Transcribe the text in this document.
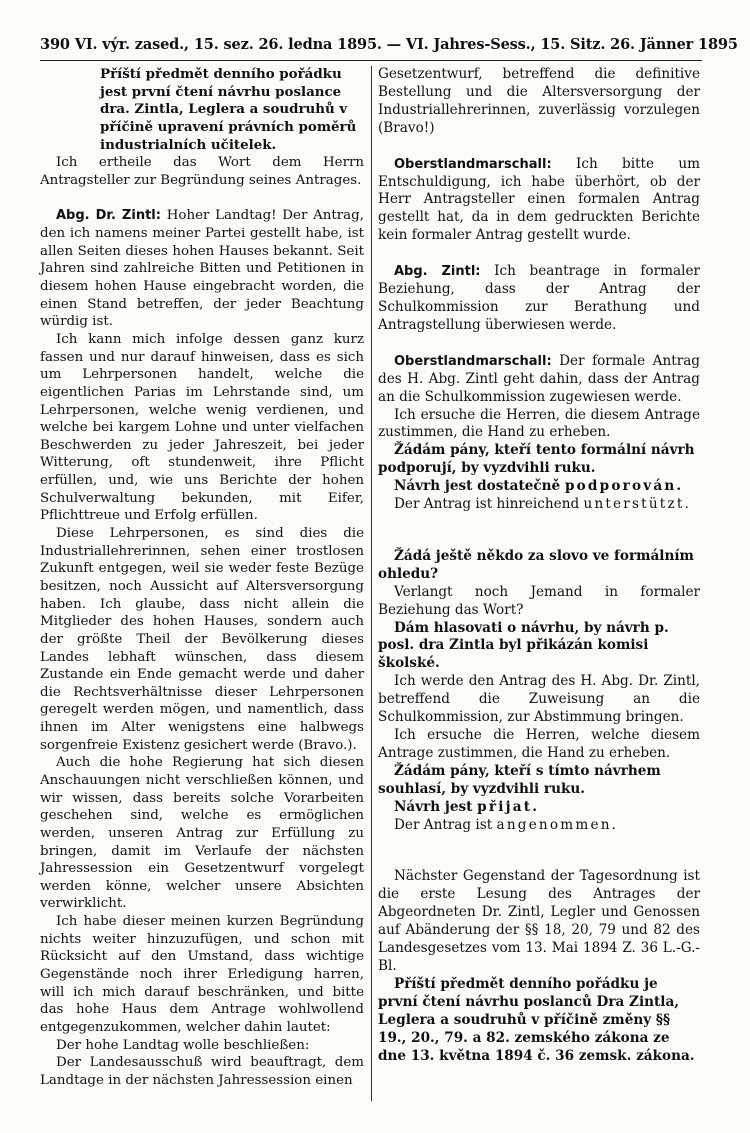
390 VI. výr. zased., 15. sez. 26. ledna 1895. — VI. Jahres-Sess., 15. Sitz. 26. Jänner 1895

Příští předmět denního pořádku jest první čtení návrhu poslance dra. Zintla, Leglera a soudruhů v příčině upravení právních poměrů industrialních učitelek.

Ich ertheile das Wort dem Herrn Antragsteller zur Begründung seines Antrages.

Abg. Dr. Zintl: Hoher Landtag! Der Antrag, den ich namens meiner Partei gestellt habe, ist allen Seiten dieses hohen Hauses bekannt. Seit Jahren sind zahlreiche Bitten und Petitionen in diesem hohen Hause eingebracht worden, die einen Stand betreffen, der jeder Beachtung würdig ist.

Ich kann mich infolge dessen ganz kurz fassen und nur darauf hinweisen, dass es sich um Lehrpersonen handelt, welche die eigentlichen Parias im Lehrstande sind, um Lehrpersonen, welche wenig verdienen, und welche bei kargem Lohne und unter vielfachen Beschwerden zu jeder Jahreszeit, bei jeder Witterung, oft stundenweit, ihre Pflicht erfüllen, und, wie uns Berichte der hohen Schulverwaltung bekunden, mit Eifer, Pflichttreue und Erfolg erfüllen.

Diese Lehrpersonen, es sind dies die Industriallehrerinnen, sehen einer trostlosen Zukunft entgegen, weil sie weder feste Bezüge besitzen, noch Aussicht auf Altersversorgung haben. Ich glaube, dass nicht allein die Mitglieder des hohen Hauses, sondern auch der größte Theil der Bevölkerung dieses Landes lebhaft wünschen, dass diesem Zustande ein Ende gemacht werde und daher die Rechtsverhältnisse dieser Lehrpersonen geregelt werden mögen, und namentlich, dass ihnen im Alter wenigstens eine halbwegs sorgenfreie Existenz gesichert werde (Bravo.).

Auch die hohe Regierung hat sich diesen Anschauungen nicht verschließen können, und wir wissen, dass bereits solche Vorarbeiten geschehen sind, welche es ermöglichen werden, unseren Antrag zur Erfüllung zu bringen, damit im Verlaufe der nächsten Jahressession ein Gesetzentwurf vorgelegt werden könne, welcher unsere Absichten verwirklicht.

Ich habe dieser meinen kurzen Begründung nichts weiter hinzuzufügen, und schon mit Rücksicht auf den Umstand, dass wichtige Gegenstände noch ihrer Erledigung harren, will ich mich darauf beschränken, und bitte das hohe Haus dem Antrage wohlwollend entgegenzukommen, welcher dahin lautet:

Der hohe Landtag wolle beschließen:

Der Landesausschuß wird beauftragt, dem Landtage in der nächsten Jahressession einen

Gesetzentwurf, betreffend die definitive Bestellung und die Altersversorgung der Industriallehrerinnen, zuverlässig vorzulegen (Bravo!)

Oberstlandmarschall: Ich bitte um Entschuldigung, ich habe überhört, ob der Herr Antragsteller einen formalen Antrag gestellt hat, da in dem gedruckten Berichte kein formaler Antrag gestellt wurde.

Abg. Zintl: Ich beantrage in formaler Beziehung, dass der Antrag der Schulkommission zur Berathung und Antragstellung überwiesen werde.

Oberstlandmarschall: Der formale Antrag des H. Abg. Zintl geht dahin, dass der Antrag an die Schulkommission zugewiesen werde.

Ich ersuche die Herren, die diesem Antrage zustimmen, die Hand zu erheben.

Žádám pány, kteří tento formální návrh podporují, by vyzdvihli ruku.

Návrh jest dostatečně podporován.

Der Antrag ist hinreichend unterstützt.

Žádá ještě někdo za slovo ve formálním ohledu?

Verlangt noch Jemand in formaler Beziehung das Wort?

Dám hlasovati o návrhu, by návrh p. posl. dra Zintla byl přikázán komisi školské.

Ich werde den Antrag des H. Abg. Dr. Zintl, betreffend die Zuweisung an die Schulkommission, zur Abstimmung bringen.

Ich ersuche die Herren, welche diesem Antrage zustimmen, die Hand zu erheben.

Žádám pány, kteří s tímto návrhem souhlasí, by vyzdvihli ruku.

Návrh jest přijat.

Der Antrag ist angenommen.

Nächster Gegenstand der Tagesordnung ist die erste Lesung des Antrages der Abgeordneten Dr. Zintl, Legler und Genossen auf Abänderung der §§ 18, 20, 79 und 82 des Landesgesetzes vom 13. Mai 1894 Z. 36 L.-G.-Bl.

Příští předmět denního pořádku je první čtení návrhu poslanců Dra Zintla, Leglera a soudruhů v příčině změny §§ 19., 20., 79. a 82. zemského zákona ze dne 13. května 1894 č. 36 zemsk. zákona.
